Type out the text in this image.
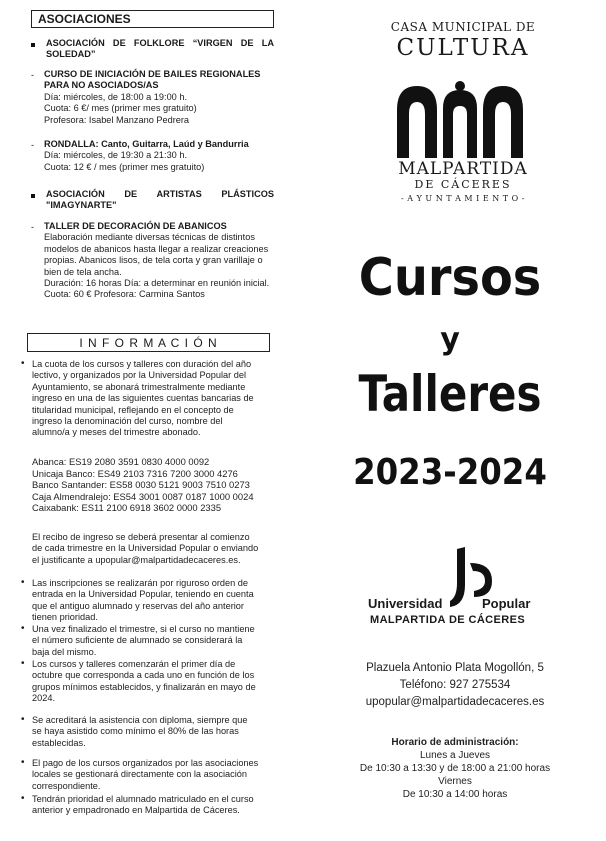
ASOCIACIONES
ASOCIACIÓN DE FOLKLORE “VIRGEN DE LA SOLEDAD”
- CURSO DE INICIACIÓN DE BAILES REGIONALES
PARA NO ASOCIADOS/AS
Día: miércoles, de 18:00 a 19:00 h.
Cuota: 6 €/ mes (primer mes gratuito)
Profesora: Isabel Manzano Pedrera
- RONDALLA: Canto, Guitarra, Laúd y Bandurria
Día: miércoles, de 19:30 a 21:30 h.
Cuota: 12 € / mes (primer mes gratuito)
ASOCIACIÓN DE ARTISTAS PLÁSTICOS
"IMAGYNARTE"
- TALLER DE DECORACIÓN DE ABANICOS
Elaboración mediante diversas técnicas de distintos
modelos de abanicos hasta llegar a realizar creaciones
propias. Abanicos lisos, de tela corta y gran varillaje o
bien de tela ancha.
Duración: 16 horas Día: a determinar en reunión inicial.
Cuota: 60 € Profesora: Carmina Santos
I N F O R M A C I Ó N
• La cuota de los cursos y talleres con duración del año
lectivo, y organizados por la Universidad Popular del
Ayuntamiento, se abonará trimestralmente mediante
ingreso en una de las siguientes cuentas bancarias de
titularidad municipal, reflejando en el concepto de
ingreso la denominación del curso, nombre del
alumno/a y meses del trimestre abonado.
Abanca: ES19 2080 3591 0830 4000 0092
Unicaja Banco: ES49 2103 7316 7200 3000 4276
Banco Santander: ES58 0030 5121 9003 7510 0273
Caja Almendralejo: ES54 3001 0087 0187 1000 0024
Caixabank: ES11 2100 6918 3602 0000 2335
El recibo de ingreso se deberá presentar al comienzo
de cada trimestre en la Universidad Popular o enviando
el justificante a upopular@malpartidadecaceres.es.
• Las inscripciones se realizarán por riguroso orden de
entrada en la Universidad Popular, teniendo en cuenta
que el antiguo alumnado y reservas del año anterior
tienen prioridad.
• Una vez finalizado el trimestre, si el curso no mantiene
el número suficiente de alumnado se considerará la
baja del mismo.
• Los cursos y talleres comenzarán el primer día de
octubre que corresponda a cada uno en función de los
grupos mínimos establecidos, y finalizarán en mayo de
2024.
• Se acreditará la asistencia con diploma, siempre que
se haya asistido como mínimo el 80% de las horas
establecidas.
• El pago de los cursos organizados por las asociaciones
locales se gestionará directamente con la asociación
correspondiente.
• Tendrán prioridad el alumnado matriculado en el curso
anterior y empadronado en Malpartida de Cáceres.
CASA MUNICIPAL DE
CULTURA
MALPARTIDA
DE CÁCERES
- A Y U N T A M I E N T O -
Cursos
y
Talleres
2023-2024
Universidad	Popular
MALPARTIDA DE CÁCERES
Plazuela Antonio Plata Mogollón, 5
Teléfono: 927 275534
upopular@malpartidadecaceres.es
Horario de administración:
Lunes a Jueves
De 10:30 a 13:30 y de 18:00 a 21:00 horas
Viernes
De 10:30 a 14:00 horas
